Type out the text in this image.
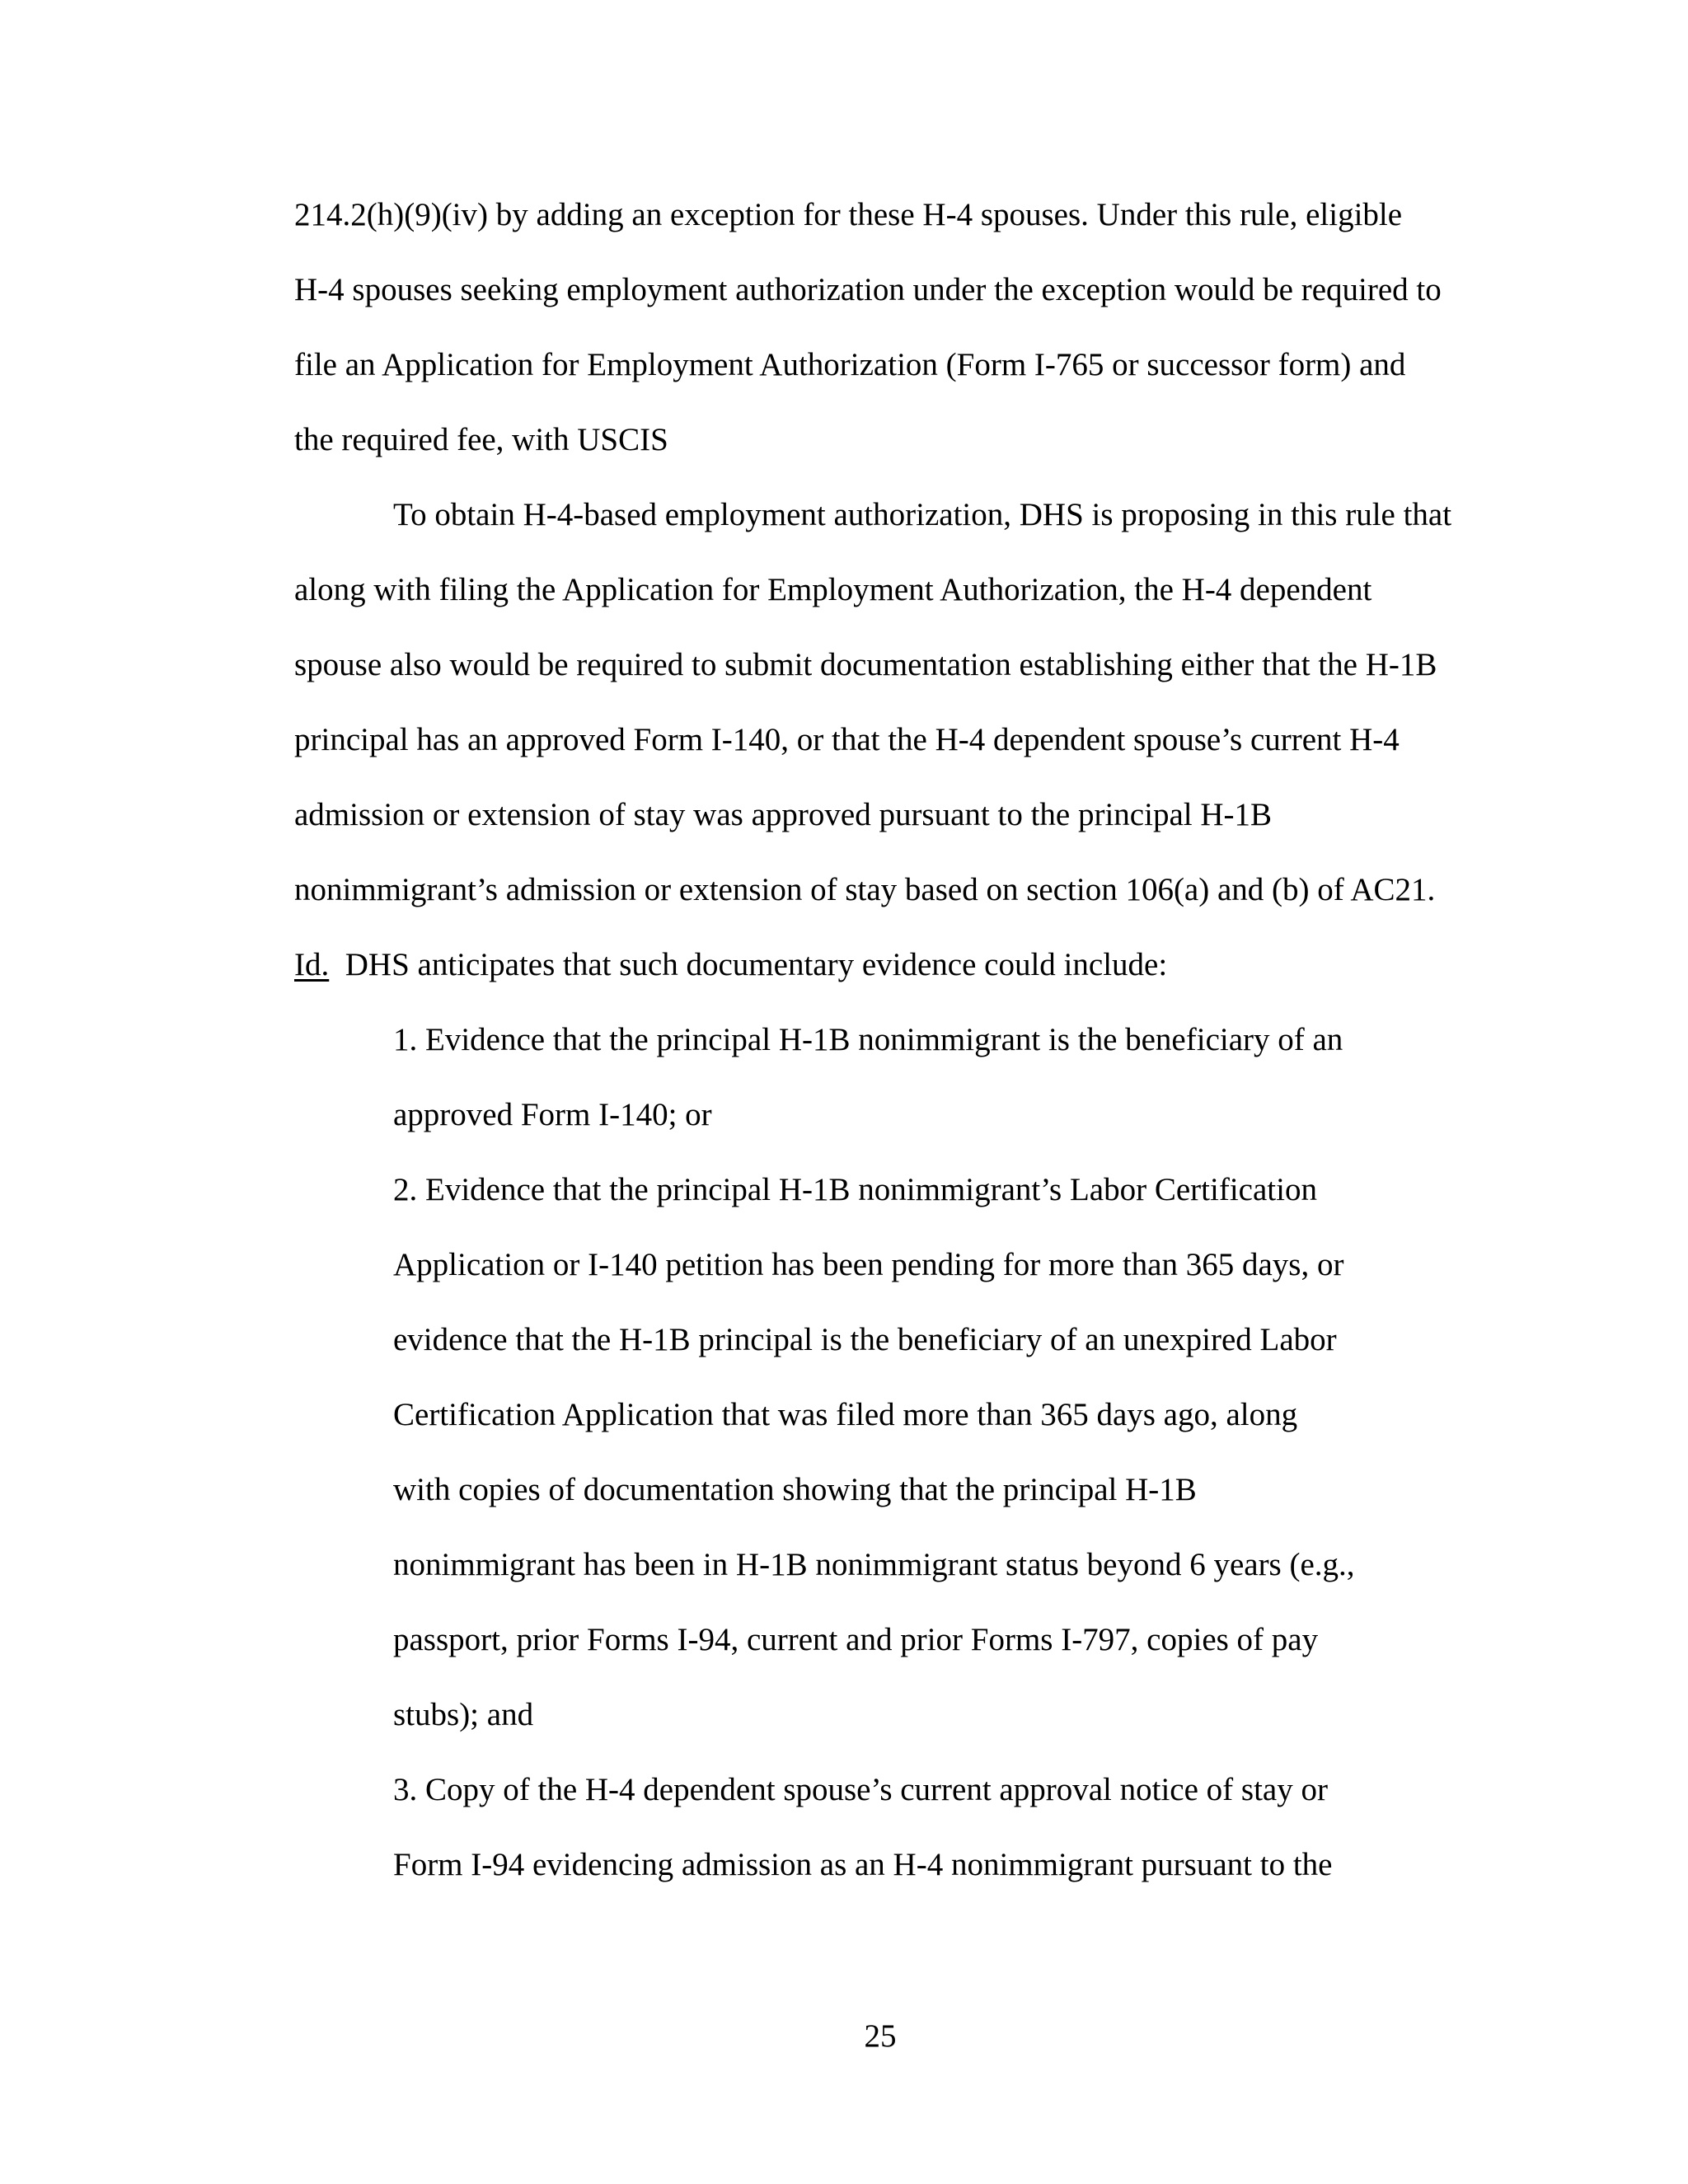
214.2(h)(9)(iv) by adding an exception for these H-4 spouses. Under this rule, eligible
H-4 spouses seeking employment authorization under the exception would be required to
file an Application for Employment Authorization (Form I-765 or successor form) and
the required fee, with USCIS
To obtain H-4-based employment authorization, DHS is proposing in this rule that
along with filing the Application for Employment Authorization, the H-4 dependent
spouse also would be required to submit documentation establishing either that the H-1B
principal has an approved Form I-140, or that the H-4 dependent spouse’s current H-4
admission or extension of stay was approved pursuant to the principal H-1B
nonimmigrant’s admission or extension of stay based on section 106(a) and (b) of AC21.
Id.  DHS anticipates that such documentary evidence could include:
1. Evidence that the principal H-1B nonimmigrant is the beneficiary of an
approved Form I-140; or
2. Evidence that the principal H-1B nonimmigrant’s Labor Certification
Application or I-140 petition has been pending for more than 365 days, or
evidence that the H-1B principal is the beneficiary of an unexpired Labor
Certification Application that was filed more than 365 days ago, along
with copies of documentation showing that the principal H-1B
nonimmigrant has been in H-1B nonimmigrant status beyond 6 years (e.g.,
passport, prior Forms I-94, current and prior Forms I-797, copies of pay
stubs); and
3. Copy of the H-4 dependent spouse’s current approval notice of stay or
Form I-94 evidencing admission as an H-4 nonimmigrant pursuant to the
25
